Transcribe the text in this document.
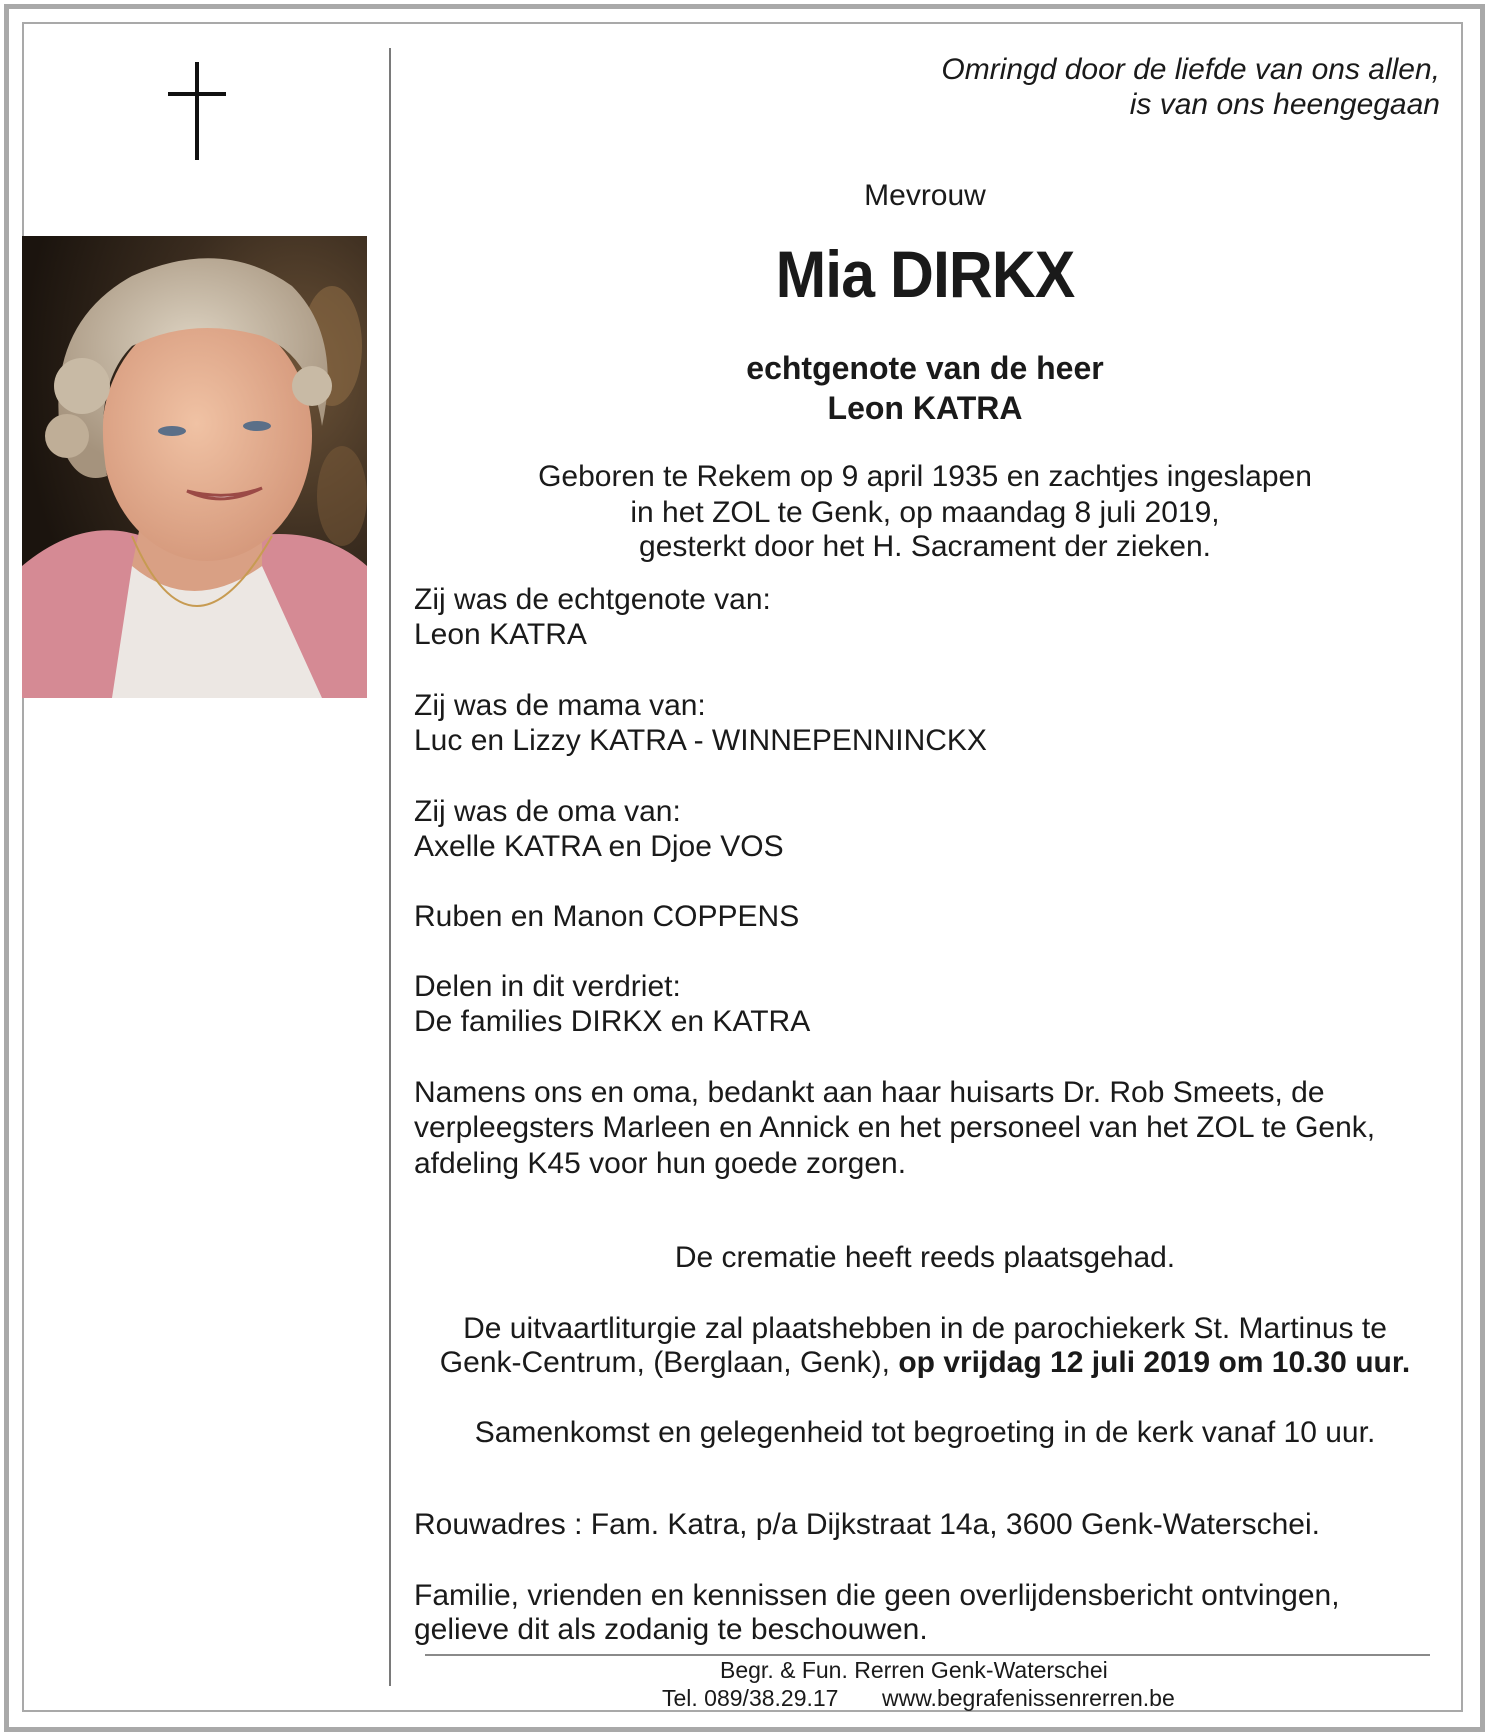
Omringd door de liefde van ons allen,
is van ons heengegaan
Mevrouw
Mia DIRKX
echtgenote van de heer
Leon KATRA
Geboren te Rekem op 9 april 1935 en zachtjes ingeslapen
in het ZOL te Genk, op maandag 8 juli 2019,
gesterkt door het H. Sacrament der zieken.
Zij was de echtgenote van:
Leon KATRA
Zij was de mama van:
Luc en Lizzy KATRA - WINNEPENNINCKX
Zij was de oma van:
Axelle KATRA en Djoe VOS
Ruben en Manon COPPENS
Delen in dit verdriet:
De families DIRKX en KATRA
Namens ons en oma, bedankt aan haar huisarts Dr. Rob Smeets, de
verpleegsters Marleen en Annick en het personeel van het ZOL te Genk,
afdeling K45 voor hun goede zorgen.
De crematie heeft reeds plaatsgehad.
De uitvaartliturgie zal plaatshebben in de parochiekerk St. Martinus te
Genk-Centrum, (Berglaan, Genk), op vrijdag 12 juli 2019 om 10.30 uur.
Samenkomst en gelegenheid tot begroeting in de kerk vanaf 10 uur.
Rouwadres : Fam. Katra, p/a Dijkstraat 14a, 3600 Genk-Waterschei.
Familie, vrienden en kennissen die geen overlijdensbericht ontvingen,
gelieve dit als zodanig te beschouwen.
Begr. & Fun. Rerren Genk-Waterschei
Tel. 089/38.29.17 www.begrafenissenrerren.be
